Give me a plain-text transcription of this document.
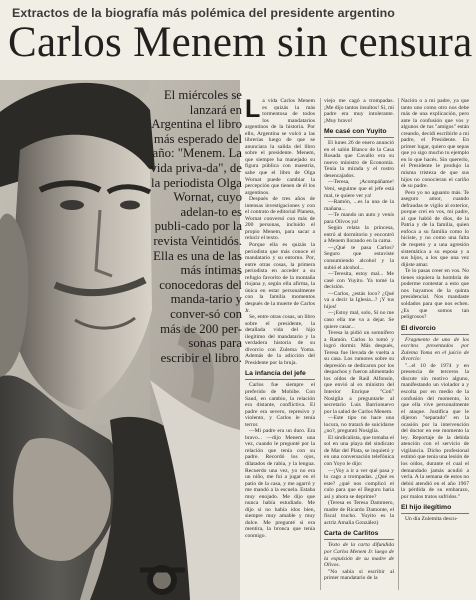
Extractos de la biografía más polémica del presidente argentino
Carlos Menem sin censura
El miércoles se lanzará en Argentina el libro más esperado del año: "Menem. La vida priva-da", de la periodista Olga Wornat, cuyo adelan-to es publi-cado por la revista Veintidós. Ella es una de las más íntimas conocedoras del manda-tario y conver-só con más de 200 per-sonas para escribir el libro.

La vida Carlos Menem es quizás la más tormentosa de todos los mandatarios argentinos de la historia. Por ello, Argentina se volcó a las librerías luego de que se anunciara la salida del libro sobre el presidente. Menem, que siempre ha manejado su figura pública con maestría, sabe que el libro de Olga Wornat puede cambiar la percepción que tienen de él los argentinos.

Después de tres años de intensas investigaciones y con el contrato de editorial Planeta, Wornat conversó con más de 200 personas, incluido el propio Menem, para sacar a relucir el texto.

Porque ella es quizás la periodista que más conoce el mandatario y su entorno. Por, entre otras cosas, la primera periodista en acceder a su refugio favorito de la montaña riojana y, según ella afirma, la única en estar personalmente con la familia momentos después de la muerte de Carlos Jr.

Se, entre otras cosas, un libro sobre el presidente, la detallada vida del hijo ilegítimo del mandatario y la verdadera historia de su divorcio con Zulema Yoma. Además de la adicción del Presidente por la bruja.

La infancia del jefe

Carlos fue siempre el preferido de Mohibe. Con Saud, en cambio, la relación era distante, conflictiva. El padre era severo, represivo y violento, y Carlos le tenía terror.

—Mi padre era un duro. Era bravo... —dijo Menem una vez, cuando le pregunté por la relación que tenía con su padre. Recordó los ojos, dilatados de rabia, y la lengua. Recuerdo una vez, yo no era un niño, me fui a jugar en el patio de la casa, y me agarró y me mandó a la escuela. Estaba muy enojado. Me dijo que nunca había estudiado. Me dijo si no había idos bien, siempre muy amable y muy dulce. Me pregunté si era mentira, la bronca que tenía conmigo.

viejo me cagó a trompadas. ¡Me dijo tantos insultos! Sí, mi padre era muy intolerante. ¡Muy bravo!

Me casé con Yuyito

El lunes 26 de enero anunció en el salón Blanco de la Casa Rosada que Cavallo era su nuevo ministro de Economía. Tenía la mirada y el rostro desencajados.

—Teresa, ¡Acompáñame! Vení, seguime que el jefe está mal, te quiere ver ya!

—Ramón, ...es la una de la mañana...

—Te mando un auto y venís para Olivos ya!

Según relata la princesa, entró al dormitorio y encontró a Menem llorando en la cama.

—¿Qué te pasa Carlos? Seguro que estuviste consumiendo alcohol y la subió el alcohol...

—Teresita, estoy mal... Me casé con Yuyito. Ya tomé la decisión.

—Carlos, ¿estás loco? ¿Qué va a decir la Iglesia...? ¡Y tus hijos!

—¡Estoy mal, solo, Sí no me caso ella me va a dejar. Se quiere casar...

Teresa la pidió un somnífero a Ramón. Carlos lo tomó y logró dormir. Más después, Teresa fue llevada de vuelta a su casa. Los rumores sobre su depresión se dedicaron por los despachos y fueron alimentado los oídos de Raúl Alfonsín, que envió al ex ministro del Interior Enrique "Coti" Nosiglia a preguntarle al secretario Luis Barrionuevo por la salud de Carlos Menem.

—Este tipo no hace una locura, no tratará de suicidarse ¿no?, preguntó Nosiglia.

El sindicalista, que tomaba el sol en una playa del sindicato de Mar del Plata, se inquietó y en una conversación telefónica con Yoyo le dijo:

—¡Voy a ir a ver qué pasa y lo cago a trompadas. ¿Qué es este? ¿qué nos complicó el culo para que el Beguru haria así y ahora se deprime?

(Teresa es Teresa Dammero, madre de Ricardo Damonte, el fiscal trucho. Yuyito es la actriz Amalia González)

Carta de Carlitos

Texto de la carta difundida por Carlos Menem Jr. luego de la expulsión de su madre de Olivos.

"No sabía si escribir al primer mandatario de la

Nación o a mi padre, ya que tanto uno como otro nos debe más de una explicación, pero ante la confusión que vos y algunos de tus "amigos" están creando, decidí escribirle a mi padre, el Presidente. En primer lugar, quiero que sepas que yo sigo mucho tu ejemplo en lo que hacés. Sin quererlo, el Presidente le produjo la misma tristeza de que sus hijos no conocieran el cariño de su padre.

Pero yo no aguanto más. Te aseguro amor, cuando defraudas te vigilo al exterior, porque creí en vos, mi padre, al que habló de dios, de la Patria y de la familia, quien enfoca a su familia como lo hiciste, y no como una falta de respeto y a una agresión sistemática a su esposa y a sus hijos, a los que una vez dijiste amar.

Te lo pasas creer en vos. No tienes siquiera la hombría de poderme contestar a esto que nos hayamos de la quinta presidencial. Nos mandaste soldados para que nos echen. ¿Es que somos tan peligrosos?

El divorcio

Fragmento de uno de los escritos presentados por Zulema Yoma en el juicio de divorcio:

"...el 10 de 1974 y en presencia de terceros la discute sin motivo alguno, manifestando un violador a y escolta por en medio de la confusión del momento, lo que ella vive personalmente el ataque. Justifica que le dijeron "separado" en la ocasión por la intervención del doctor en ese momento la ley. Reportaje de la debida atención con el servicio de vigilancia. Dicho profesional estimó que tenía una lesión de los oídos, durante el cual el demandado jamás acudió a verla. A la semana de estos no debió atendió en el año 1967 la pérdida de su embarazo, por malos tratos sufridos."

El hijo ilegítimo

Un día Zulemita descu-
